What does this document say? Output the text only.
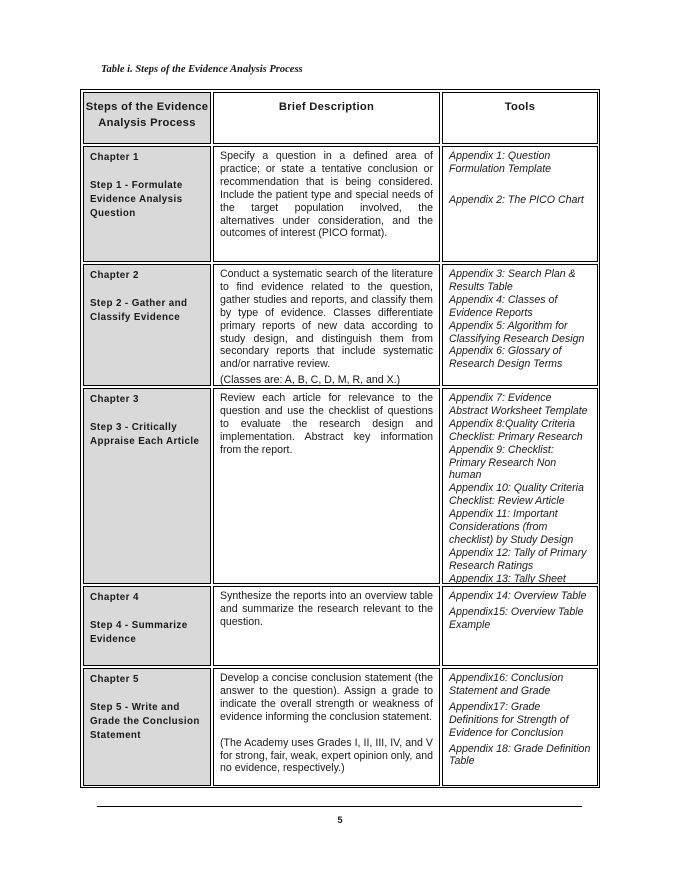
Table i. Steps of the Evidence Analysis Process
Steps of the Evidence Analysis Process
Brief Description	Tools
Chapter 1
Step 1 - Formulate Evidence Analysis Question

Specify a question in a defined area of practice; or state a tentative conclusion or recommendation that is being considered. Include the patient type and special needs of the target population involved, the alternatives under consideration, and the outcomes of interest (PICO format).

Appendix 1: Question Formulation Template

Appendix 2: The PICO Chart

Chapter 2
Step 2 - Gather and Classify Evidence

Conduct a systematic search of the literature to find evidence related to the question, gather studies and reports, and classify them by type of evidence. Classes differentiate primary reports of new data according to study design, and distinguish them from secondary reports that include systematic and/or narrative review.

(Classes are: A, B, C, D, M, R, and X.)

Appendix 3: Search Plan & Results Table

Appendix 4: Classes of Evidence Reports

Appendix 5: Algorithm for Classifying Research Design

Appendix 6: Glossary of Research Design Terms

Chapter 3
Step 3 - Critically Appraise Each Article

Review each article for relevance to the question and use the checklist of questions to evaluate the research design and implementation. Abstract key information from the report.

Appendix 7: Evidence Abstract Worksheet Template

Appendix 8:Quality Criteria Checklist: Primary Research

Appendix 9: Checklist: Primary Research Non human

Appendix 10: Quality Criteria Checklist: Review Article

Appendix 11: Important Considerations (from checklist) by Study Design

Appendix 12: Tally of Primary Research Ratings

Appendix 13: Tally Sheet

Chapter 4
Step 4 - Summarize Evidence

Synthesize the reports into an overview table and summarize the research relevant to the question.

Appendix 14: Overview Table

Appendix15: Overview Table Example

Chapter 5
Step 5 - Write and Grade the Conclusion Statement

Develop a concise conclusion statement (the answer to the question). Assign a grade to indicate the overall strength or weakness of evidence informing the conclusion statement.

(The Academy uses Grades I, II, III, IV, and V for strong, fair, weak, expert opinion only, and no evidence, respectively.)

Appendix16: Conclusion Statement and Grade

Appendix17: Grade Definitions for Strength of Evidence for Conclusion

Appendix 18: Grade Definition Table

5
